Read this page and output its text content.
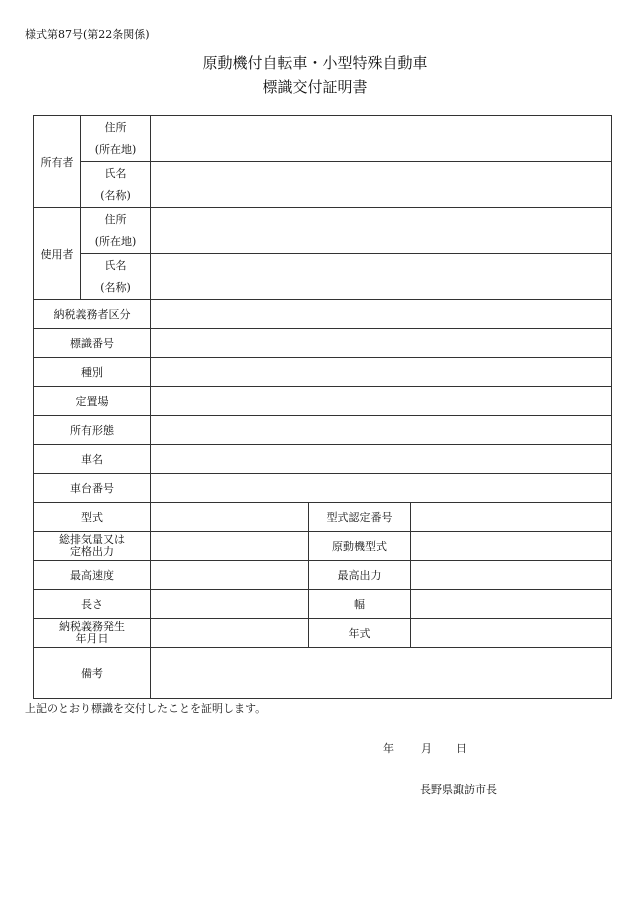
様式第87号(第22条関係)
原動機付自転車・小型特殊自動車
標識交付証明書
所有者	住所
(所在地)			

	氏名
(名称)			

使用者	住所
(所在地)			

	氏名
(名称)			

納税義務者区分				
標識番号				
種別				
定置場				
所有形態				
車名				
車台番号				
型式			型式認定番号	

総排気量又は
定格出力			原動機型式	
最高速度			最高出力	
長さ			幅	

納税義務発生
年月日			年式	
備考				
上記のとおり標識を交付したことを証明します。
年 月 日
長野県諏訪市長
